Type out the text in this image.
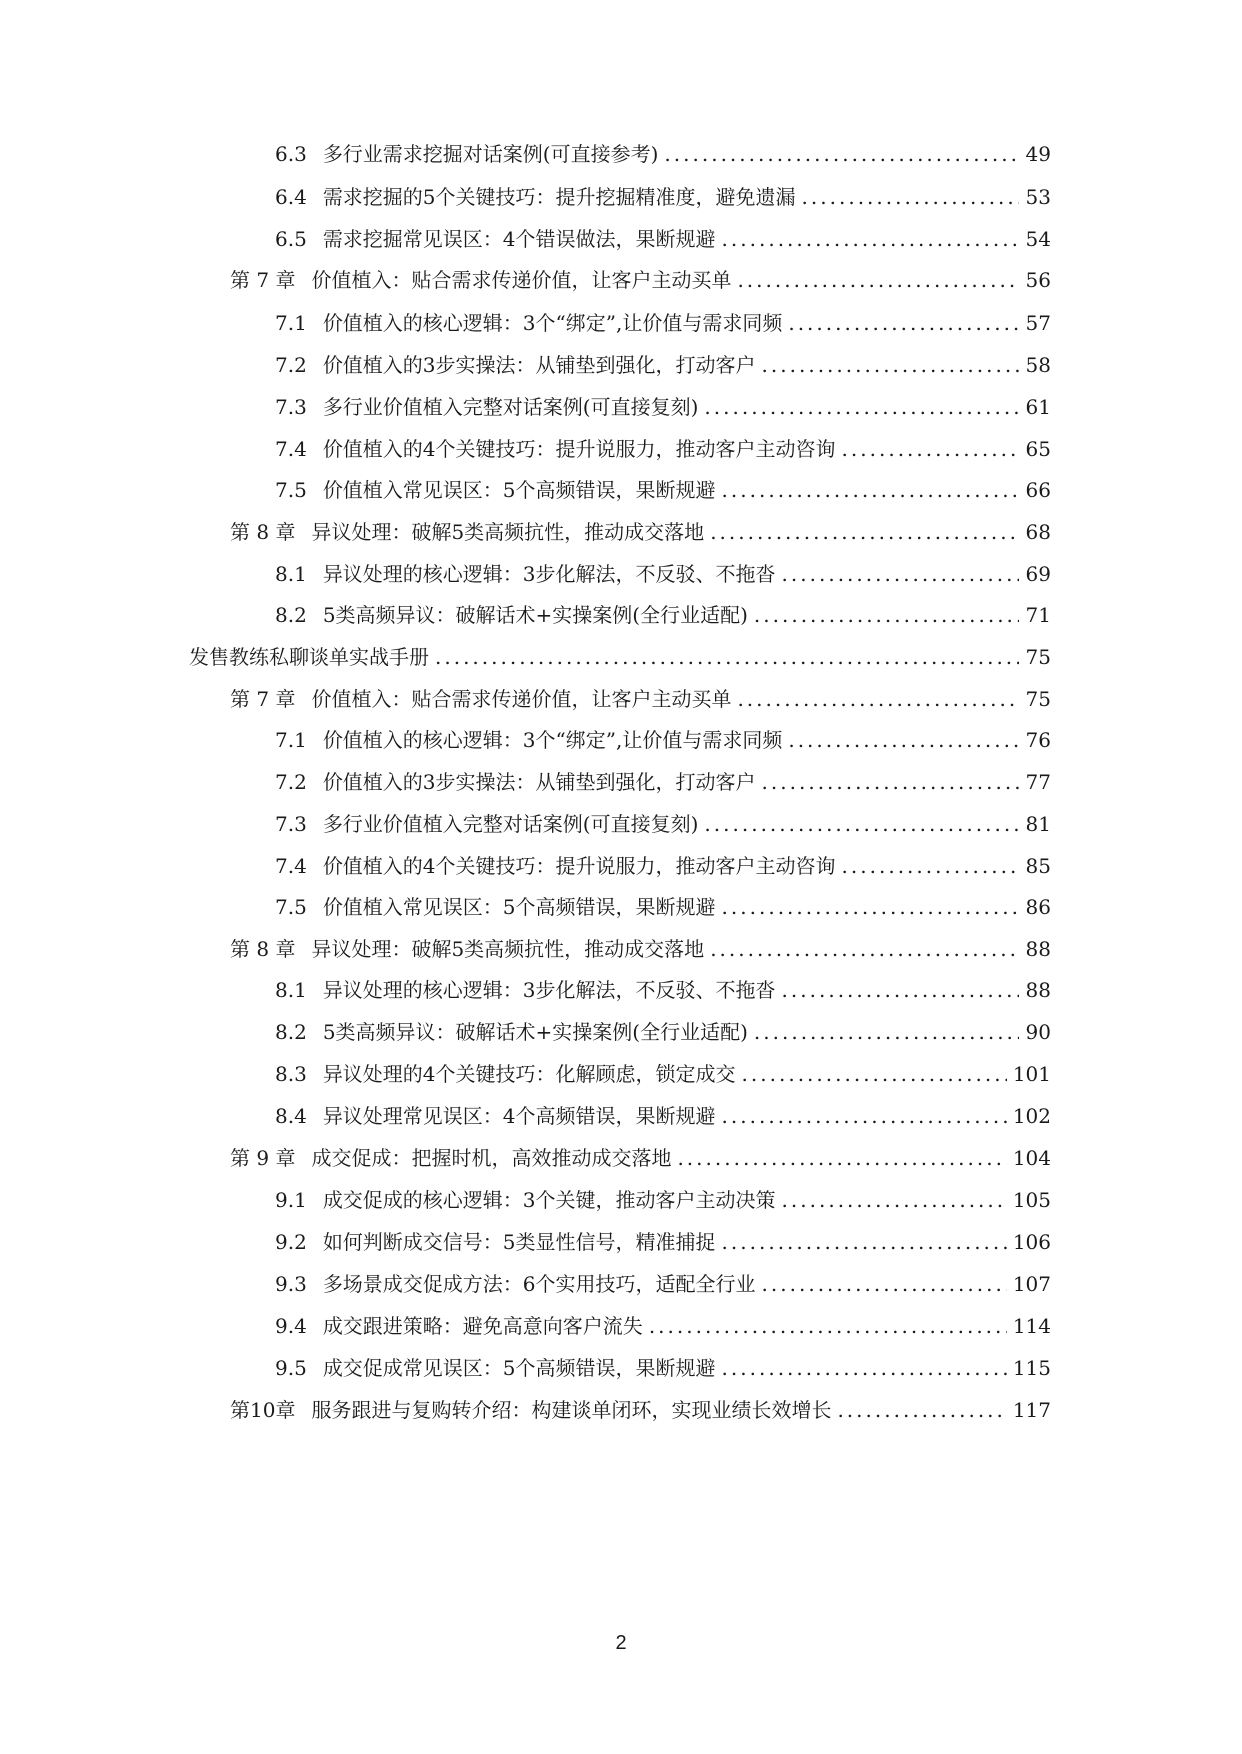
6.3 多行业需求挖掘对话案例(可直接参考) .....	49
6.4 需求挖掘的5个关键技巧：提升挖掘精准度，避免遗漏 .....	53
6.5 需求挖掘常见误区：4个错误做法，果断规避 .....	54
第 7 章 价值植入：贴合需求传递价值，让客户主动买单 .....	56
7.1 价值植入的核心逻辑：3个“绑定”,让价值与需求同频 .....	57
7.2 价值植入的3步实操法：从铺垫到强化，打动客户 .....	58
7.3 多行业价值植入完整对话案例(可直接复刻) .....	61
7.4 价值植入的4个关键技巧：提升说服力，推动客户主动咨询 .....	65
7.5 价值植入常见误区：5个高频错误，果断规避 .....	66
第 8 章 异议处理：破解5类高频抗性，推动成交落地 .....	68
8.1 异议处理的核心逻辑：3步化解法，不反驳、不拖沓 .....	69
8.2 5类高频异议：破解话术+实操案例(全行业适配) .....	71
发售教练私聊谈单实战手册 .....	75
第 7 章 价值植入：贴合需求传递价值，让客户主动买单 .....	75
7.1 价值植入的核心逻辑：3个“绑定”,让价值与需求同频 .....	76
7.2 价值植入的3步实操法：从铺垫到强化，打动客户 .....	77
7.3 多行业价值植入完整对话案例(可直接复刻) .....	81
7.4 价值植入的4个关键技巧：提升说服力，推动客户主动咨询 .....	85
7.5 价值植入常见误区：5个高频错误，果断规避 .....	86
第 8 章 异议处理：破解5类高频抗性，推动成交落地 .....	88
8.1 异议处理的核心逻辑：3步化解法，不反驳、不拖沓 .....	88
8.2 5类高频异议：破解话术+实操案例(全行业适配) .....	90
8.3 异议处理的4个关键技巧：化解顾虑，锁定成交 .....	101
8.4 异议处理常见误区：4个高频错误，果断规避 .....	102
第 9 章 成交促成：把握时机，高效推动成交落地 .....	104
9.1 成交促成的核心逻辑：3个关键，推动客户主动决策 .....	105
9.2 如何判断成交信号：5类显性信号，精准捕捉 .....	106
9.3 多场景成交促成方法：6个实用技巧，适配全行业 .....	107
9.4 成交跟进策略：避免高意向客户流失 .....	114
9.5 成交促成常见误区：5个高频错误，果断规避 .....	115
第10章 服务跟进与复购转介绍：构建谈单闭环，实现业绩长效增长 .....	117
2
